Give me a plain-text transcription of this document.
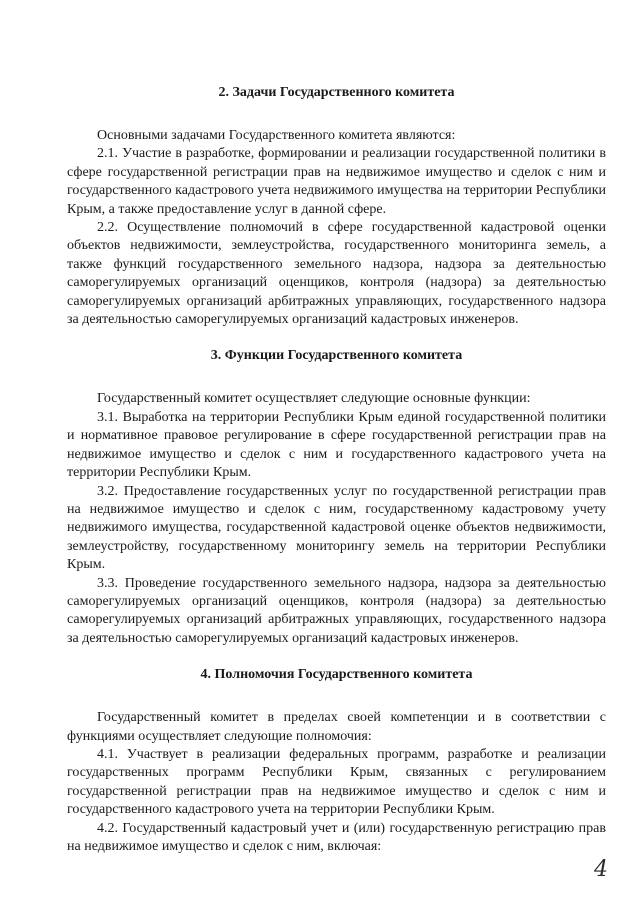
2. Задачи Государственного комитета

Основными задачами Государственного комитета являются:

2.1. Участие в разработке, формировании и реализации государственной политики в сфере государственной регистрации прав на недвижимое имущество и сделок с ним и государственного кадастрового учета недвижимого имущества на территории Республики Крым, а также предоставление услуг в данной сфере.

2.2. Осуществление полномочий в сфере государственной кадастровой оценки объектов недвижимости, землеустройства, государственного мониторинга земель, а также функций государственного земельного надзора, надзора за деятельностью саморегулируемых организаций оценщиков, контроля (надзора) за деятельностью саморегулируемых организаций арбитражных управляющих, государственного надзора за деятельностью саморегулируемых организаций кадастровых инженеров.

3. Функции Государственного комитета

Государственный комитет осуществляет следующие основные функции:

3.1. Выработка на территории Республики Крым единой государственной политики и нормативное правовое регулирование в сфере государственной регистрации прав на недвижимое имущество и сделок с ним и государственного кадастрового учета на территории Республики Крым.

3.2. Предоставление государственных услуг по государственной регистрации прав на недвижимое имущество и сделок с ним, государственному кадастровому учету недвижимого имущества, государственной кадастровой оценке объектов недвижимости, землеустройству, государственному мониторингу земель на территории Республики Крым.

3.3. Проведение государственного земельного надзора, надзора за деятельностью саморегулируемых организаций оценщиков, контроля (надзора) за деятельностью саморегулируемых организаций арбитражных управляющих, государственного надзора за деятельностью саморегулируемых организаций кадастровых инженеров.

4. Полномочия Государственного комитета

Государственный комитет в пределах своей компетенции и в соответствии с функциями осуществляет следующие полномочия:

4.1. Участвует в реализации федеральных программ, разработке и реализации государственных программ Республики Крым, связанных с регулированием государственной регистрации прав на недвижимое имущество и сделок с ним и государственного кадастрового учета на территории Республики Крым.

4.2. Государственный кадастровый учет и (или) государственную регистрацию прав на недвижимое имущество и сделок с ним, включая:

4
